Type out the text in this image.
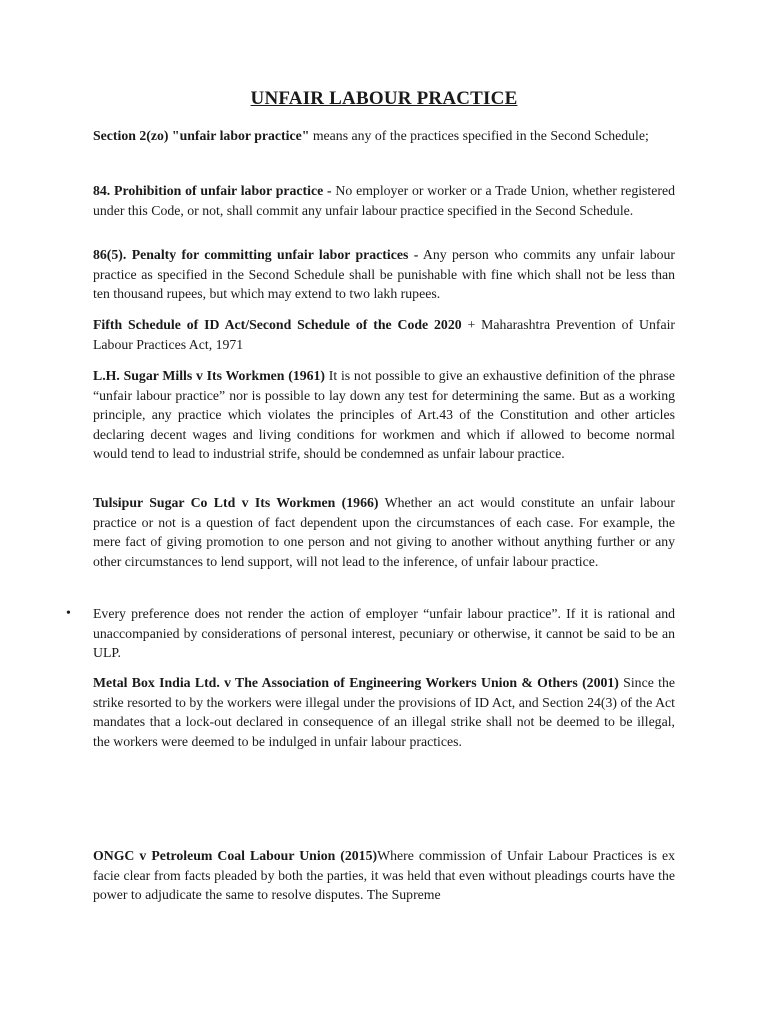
UNFAIR LABOUR PRACTICE

Section 2(zo) "unfair labor practice" means any of the practices specified in the Second Schedule;

84. Prohibition of unfair labor practice - No employer or worker or a Trade Union, whether registered under this Code, or not, shall commit any unfair labour practice specified in the Second Schedule.

86(5). Penalty for committing unfair labor practices - Any person who commits any unfair labour practice as specified in the Second Schedule shall be punishable with fine which shall not be less than ten thousand rupees, but which may extend to two lakh rupees.

Fifth Schedule of ID Act/Second Schedule of the Code 2020 + Maharashtra Prevention of Unfair Labour Practices Act, 1971

L.H. Sugar Mills v Its Workmen (1961) It is not possible to give an exhaustive definition of the phrase “unfair labour practice” nor is possible to lay down any test for determining the same. But as a working principle, any practice which violates the principles of Art.43 of the Constitution and other articles declaring decent wages and living conditions for workmen and which if allowed to become normal would tend to lead to industrial strife, should be condemned as unfair labour practice.

Tulsipur Sugar Co Ltd v Its Workmen (1966) Whether an act would constitute an unfair labour practice or not is a question of fact dependent upon the circumstances of each case. For example, the mere fact of giving promotion to one person and not giving to another without anything further or any other circumstances to lend support, will not lead to the inference, of unfair labour practice.

• Every preference does not render the action of employer “unfair labour practice”. If it is rational and unaccompanied by considerations of personal interest, pecuniary or otherwise, it cannot be said to be an ULP.

Metal Box India Ltd. v The Association of Engineering Workers Union & Others (2001) Since the strike resorted to by the workers were illegal under the provisions of ID Act, and Section 24(3) of the Act mandates that a lock-out declared in consequence of an illegal strike shall not be deemed to be illegal, the workers were deemed to be indulged in unfair labour practices.

ONGC v Petroleum Coal Labour Union (2015)Where commission of Unfair Labour Practices is ex facie clear from facts pleaded by both the parties, it was held that even without pleadings courts have the power to adjudicate the same to resolve disputes. The Supreme
